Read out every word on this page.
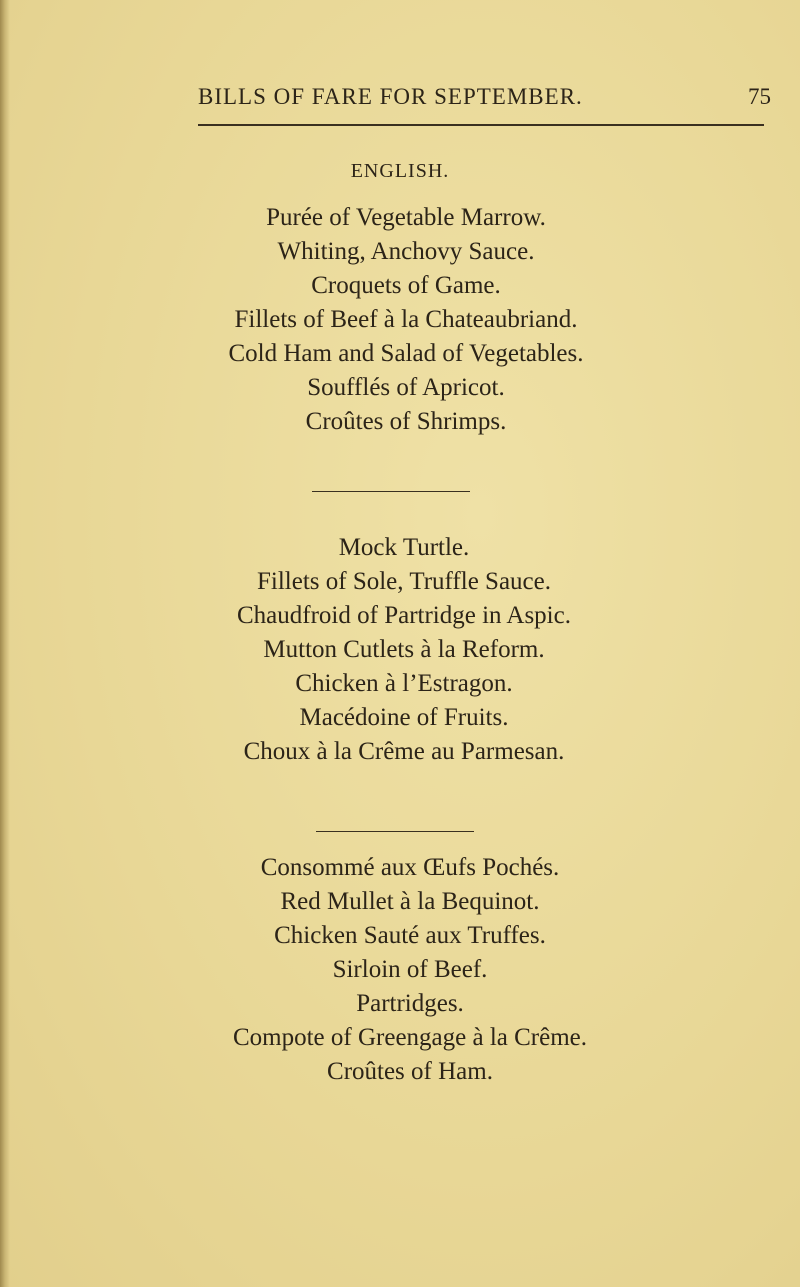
BILLS OF FARE FOR SEPTEMBER.	75
ENGLISH.
Purée of Vegetable Marrow.
Whiting, Anchovy Sauce.
Croquets of Game.
Fillets of Beef à la Chateaubriand.
Cold Ham and Salad of Vegetables.
Soufflés of Apricot.
Croûtes of Shrimps.
Mock Turtle.
Fillets of Sole, Truffle Sauce.
Chaudfroid of Partridge in Aspic.
Mutton Cutlets à la Reform.
Chicken à l’Estragon.
Macédoine of Fruits.
Choux à la Crême au Parmesan.
Consommé aux Œufs Pochés.
Red Mullet à la Bequinot.
Chicken Sauté aux Truffes.
Sirloin of Beef.
Partridges.
Compote of Greengage à la Crême.
Croûtes of Ham.
